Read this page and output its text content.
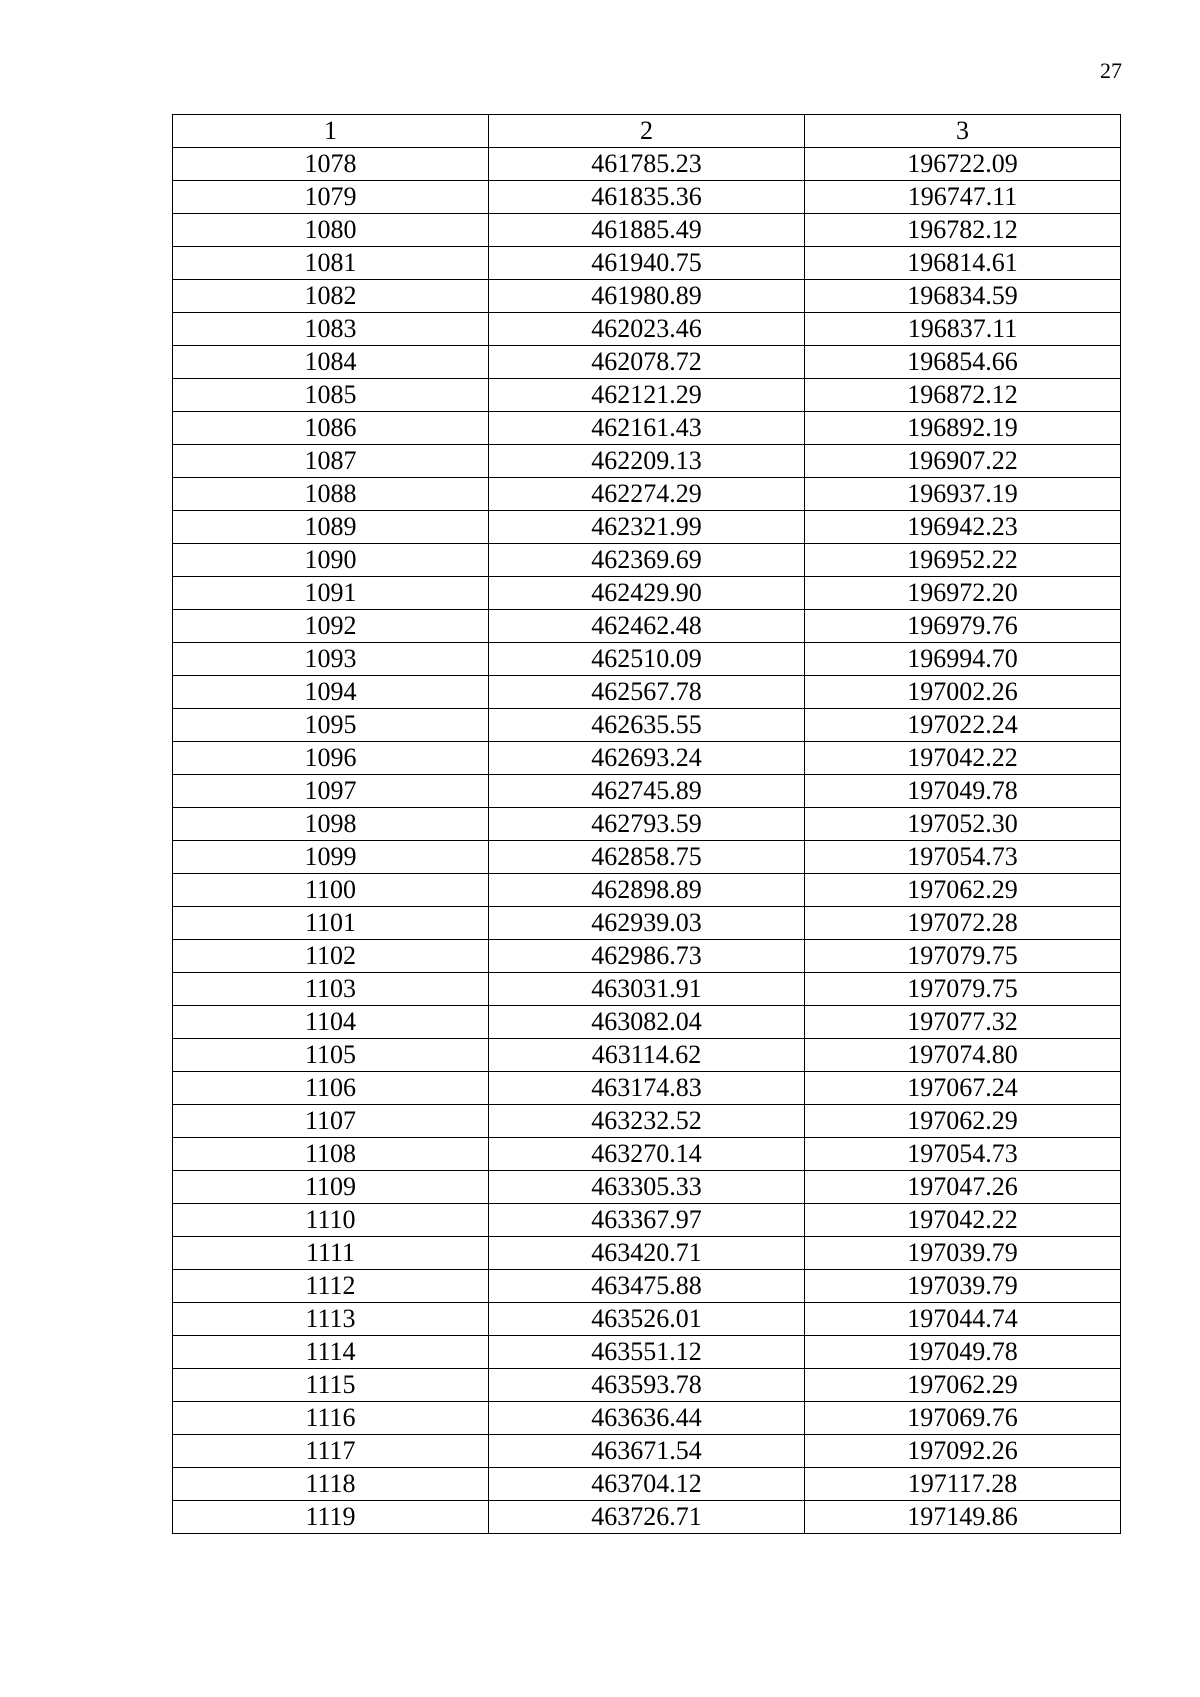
27
1	2	3
1078	461785.23	196722.09
1079	461835.36	196747.11
1080	461885.49	196782.12
1081	461940.75	196814.61
1082	461980.89	196834.59
1083	462023.46	196837.11
1084	462078.72	196854.66
1085	462121.29	196872.12
1086	462161.43	196892.19
1087	462209.13	196907.22
1088	462274.29	196937.19
1089	462321.99	196942.23
1090	462369.69	196952.22
1091	462429.90	196972.20
1092	462462.48	196979.76
1093	462510.09	196994.70
1094	462567.78	197002.26
1095	462635.55	197022.24
1096	462693.24	197042.22
1097	462745.89	197049.78
1098	462793.59	197052.30
1099	462858.75	197054.73
1100	462898.89	197062.29
1101	462939.03	197072.28
1102	462986.73	197079.75
1103	463031.91	197079.75
1104	463082.04	197077.32
1105	463114.62	197074.80
1106	463174.83	197067.24
1107	463232.52	197062.29
1108	463270.14	197054.73
1109	463305.33	197047.26
1110	463367.97	197042.22
1111	463420.71	197039.79
1112	463475.88	197039.79
1113	463526.01	197044.74
1114	463551.12	197049.78
1115	463593.78	197062.29
1116	463636.44	197069.76
1117	463671.54	197092.26
1118	463704.12	197117.28
1119	463726.71	197149.86
